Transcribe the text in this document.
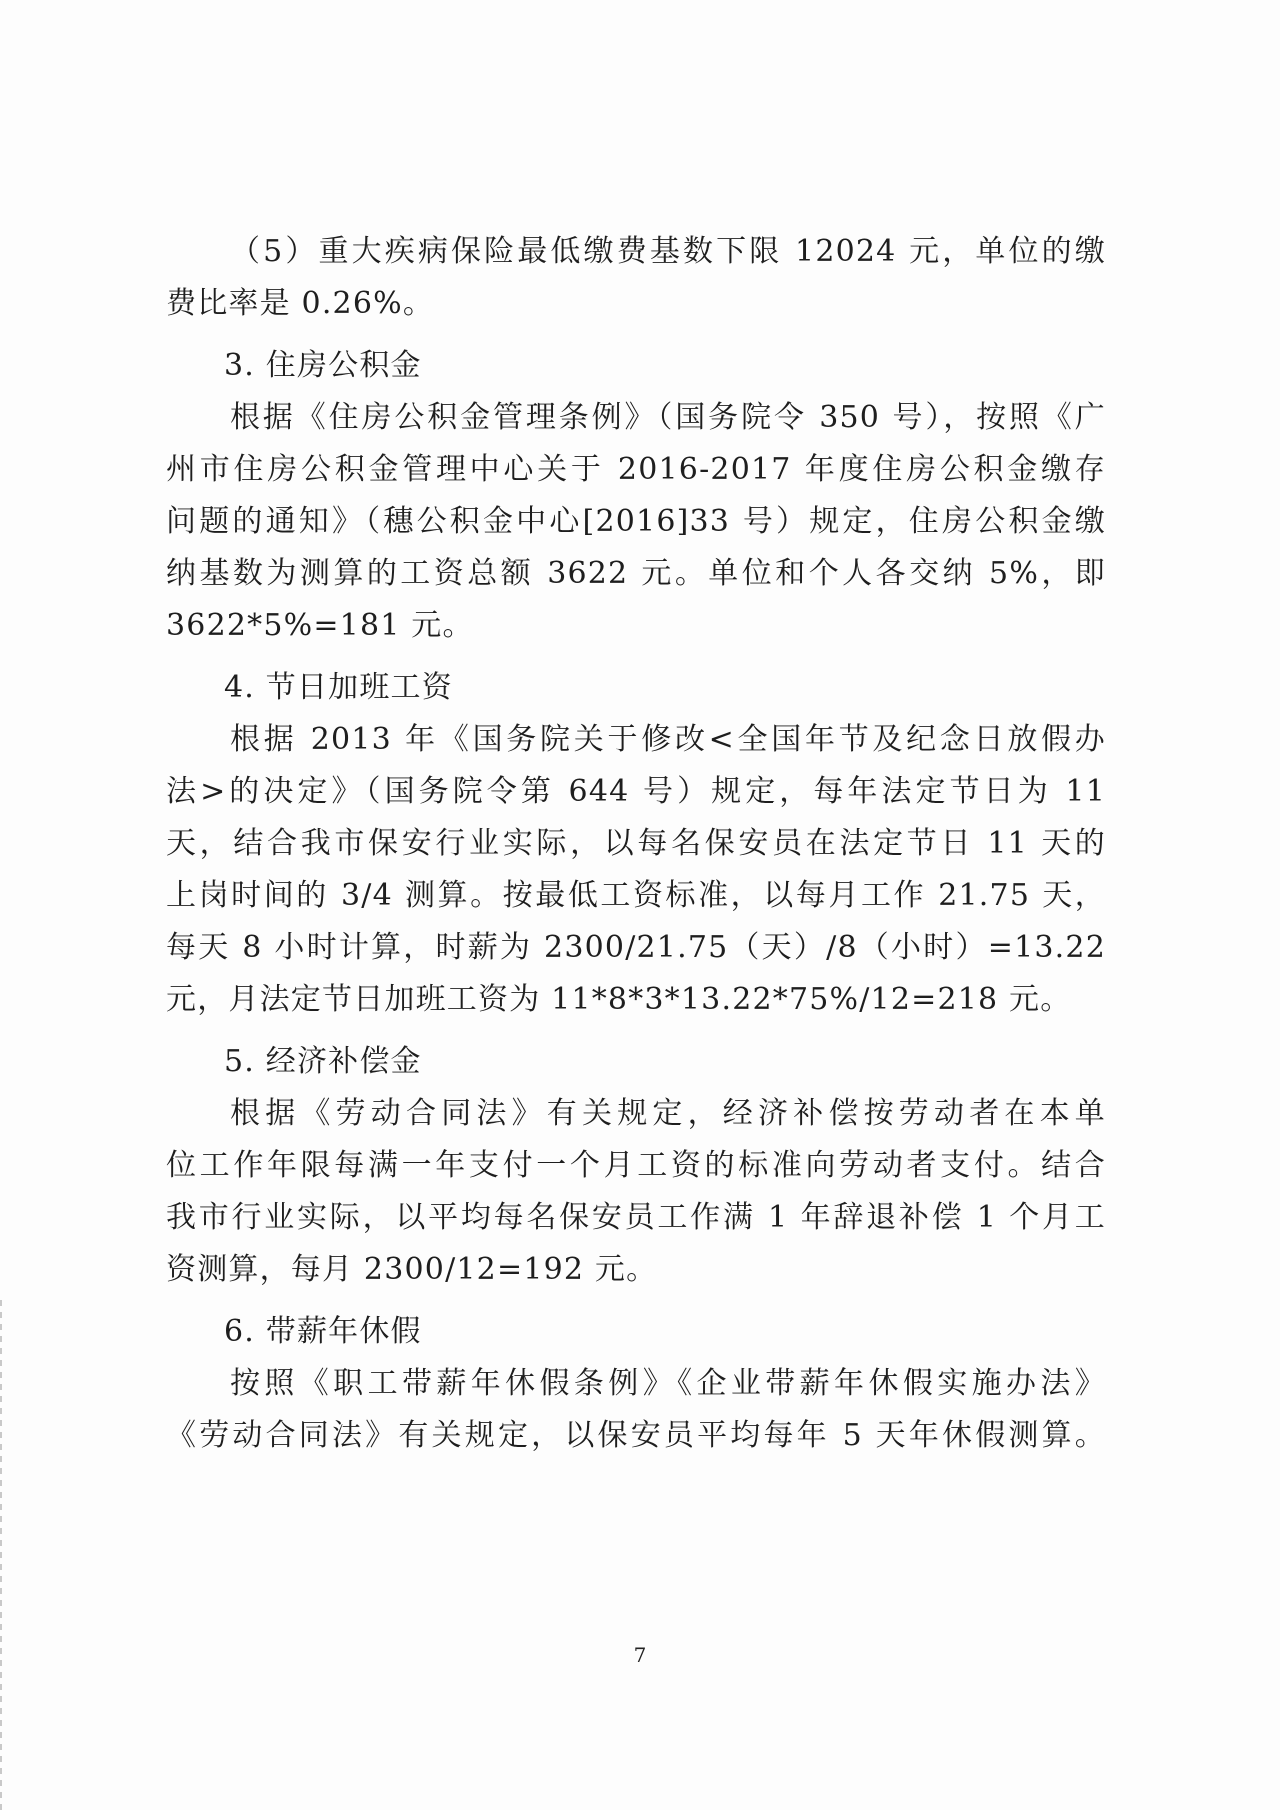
（5）重大疾病保险最低缴费基数下限 12024 元，单位的缴
费比率是 0.26%。
3. 住房公积金
根据《住房公积金管理条例》（国务院令 350 号），按照《广
州市住房公积金管理中心关于 2016-2017 年度住房公积金缴存
问题的通知》（穗公积金中心[2016]33 号）规定，住房公积金缴
纳基数为测算的工资总额 3622 元。单位和个人各交纳 5%，即
3622*5%=181 元。
4. 节日加班工资
根据 2013 年《国务院关于修改<全国年节及纪念日放假办
法>的决定》（国务院令第 644 号）规定，每年法定节日为 11
天，结合我市保安行业实际，以每名保安员在法定节日 11 天的
上岗时间的 3/4 测算。按最低工资标准，以每月工作 21.75 天，
每天 8 小时计算，时薪为 2300/21.75（天）/8（小时）=13.22
元，月法定节日加班工资为 11*8*3*13.22*75%/12=218 元。
5. 经济补偿金
根据《劳动合同法》有关规定，经济补偿按劳动者在本单
位工作年限每满一年支付一个月工资的标准向劳动者支付。结合
我市行业实际，以平均每名保安员工作满 1 年辞退补偿 1 个月工
资测算，每月 2300/12=192 元。
6. 带薪年休假
按照《职工带薪年休假条例》《企业带薪年休假实施办法》
《劳动合同法》有关规定，以保安员平均每年 5 天年休假测算。
7
